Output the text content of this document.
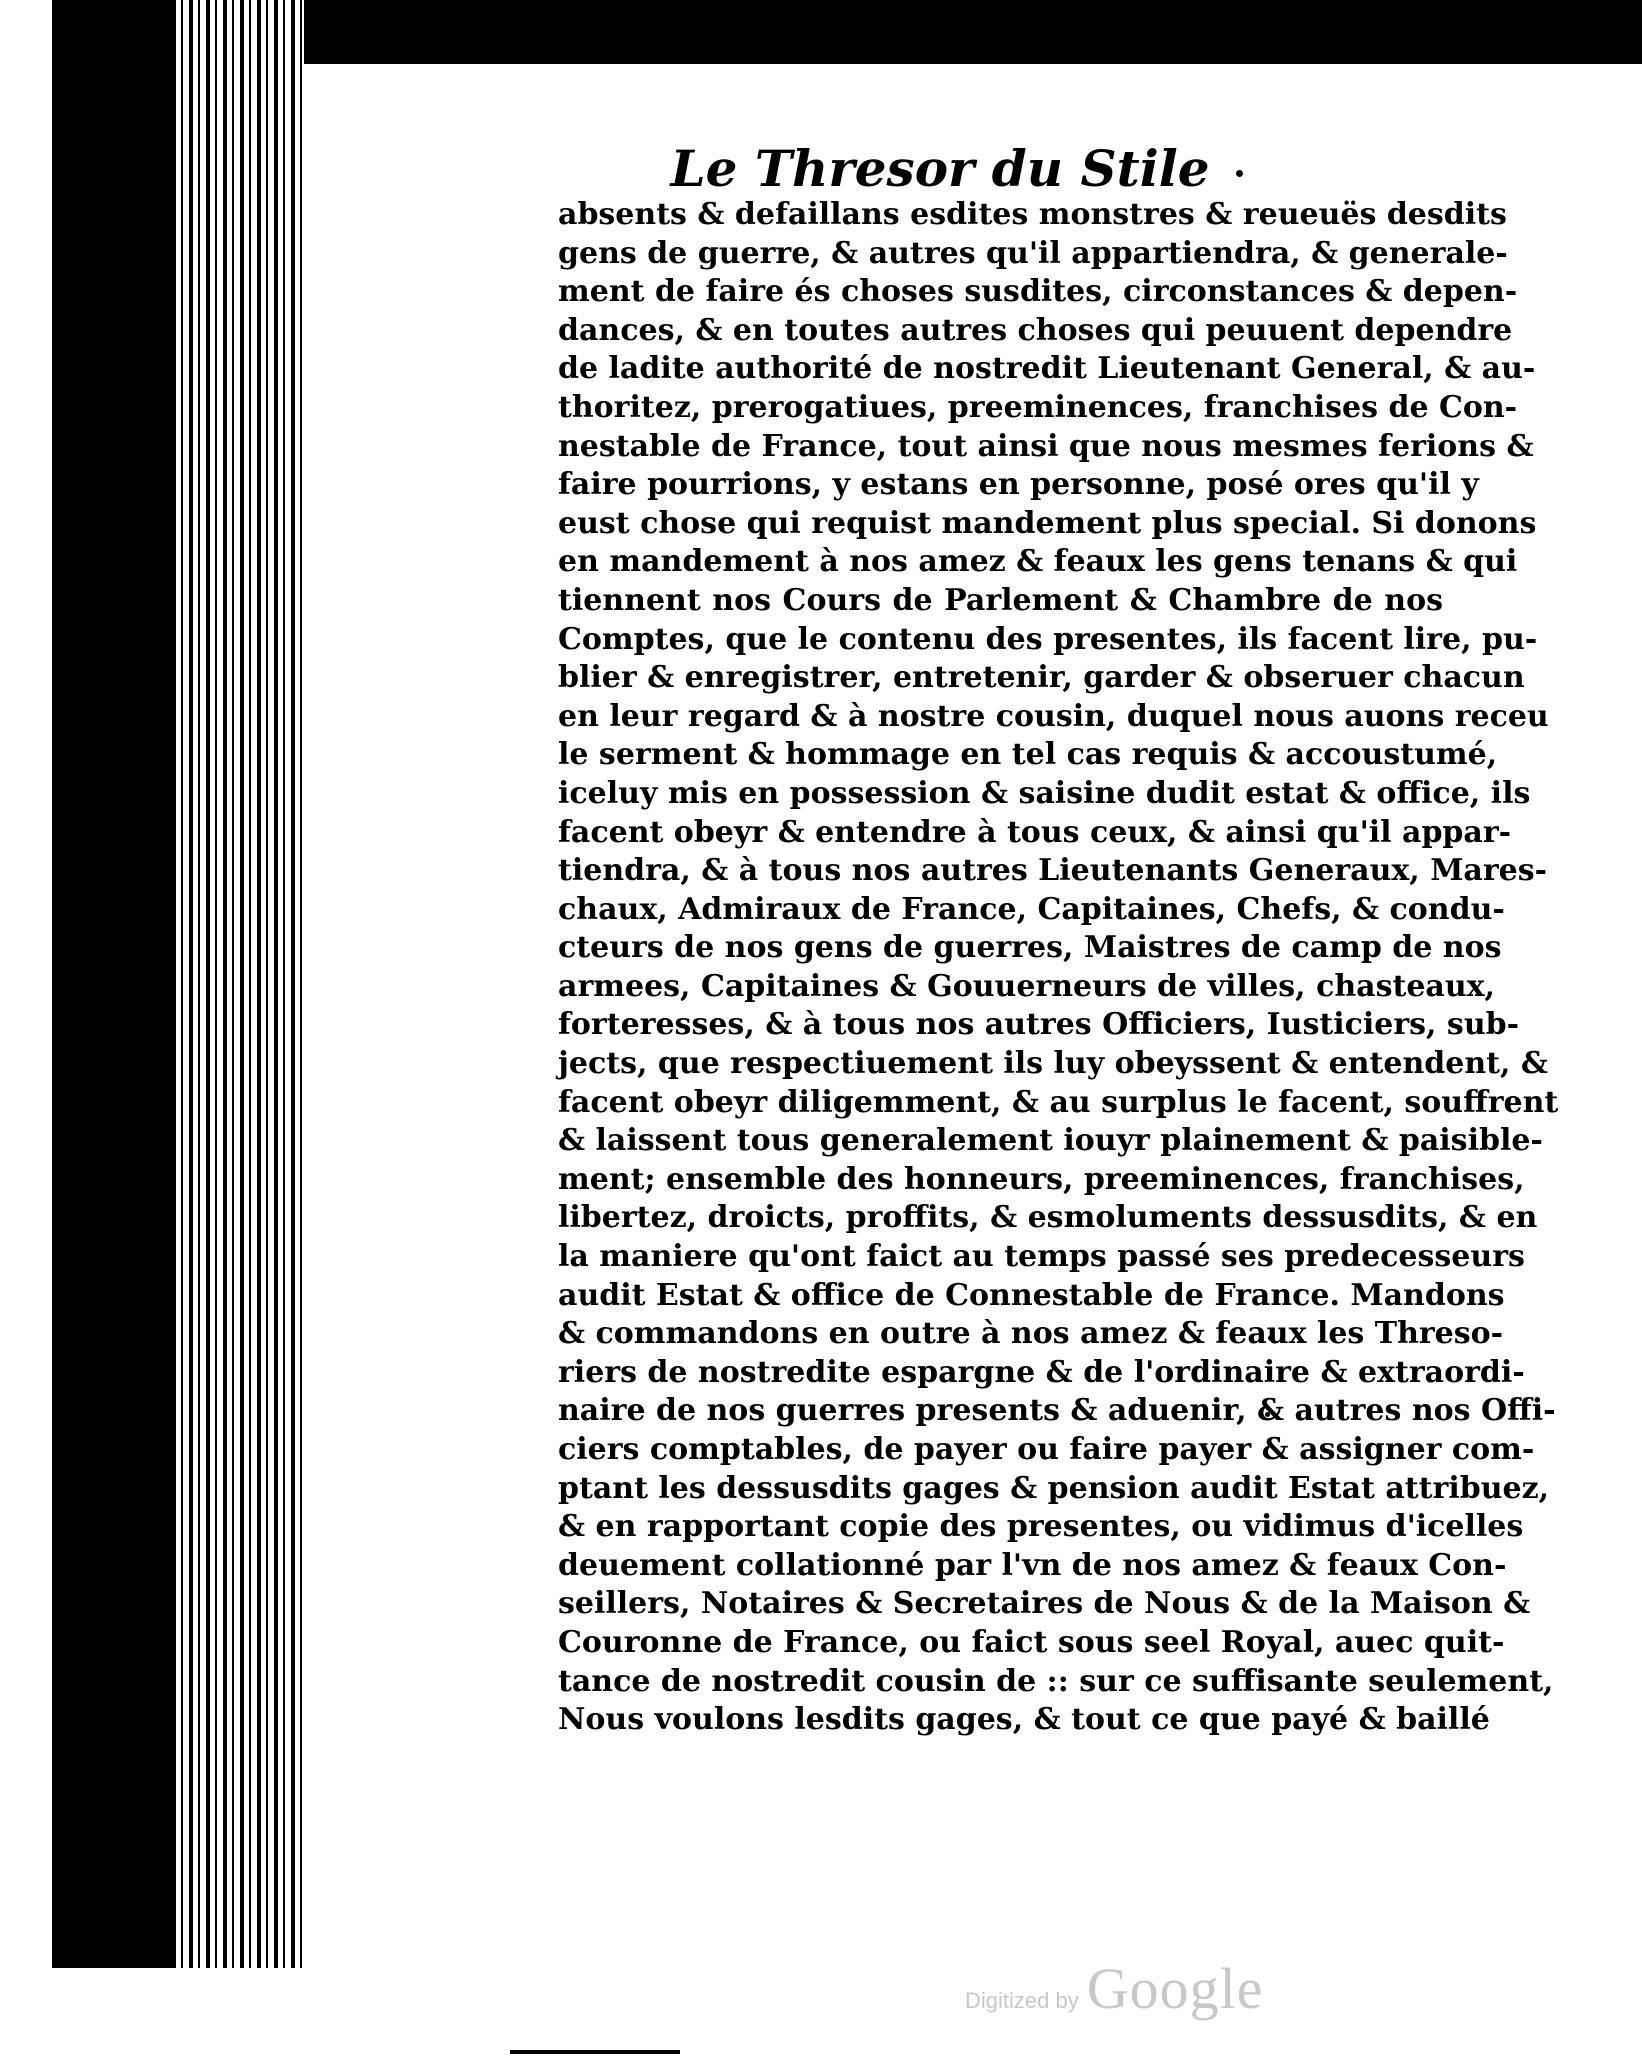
Le Thresor du Stile
absents & defaillans esdites monstres & reueuës desdits
gens de guerre, & autres qu'il appartiendra, & generale-
ment de faire és choses susdites, circonstances & depen-
dances, & en toutes autres choses qui peuuent dependre
de ladite authorité de nostredit Lieutenant General, & au-
thoritez, prerogatiues, preeminences, franchises de Con-
nestable de France, tout ainsi que nous mesmes ferions &
faire pourrions, y estans en personne, posé ores qu'il y
eust chose qui requist mandement plus special. Si donons
en mandement à nos amez & feaux les gens tenans & qui
tiennent nos Cours de Parlement & Chambre de nos
Comptes, que le contenu des presentes, ils facent lire, pu-
blier & enregistrer, entretenir, garder & obseruer chacun
en leur regard & à nostre cousin, duquel nous auons receu
le serment & hommage en tel cas requis & accoustumé,
iceluy mis en possession & saisine dudit estat & office, ils
facent obeyr & entendre à tous ceux, & ainsi qu'il appar-
tiendra, & à tous nos autres Lieutenants Generaux, Mares-
chaux, Admiraux de France, Capitaines, Chefs, & condu-
cteurs de nos gens de guerres, Maistres de camp de nos
armees, Capitaines & Gouuerneurs de villes, chasteaux,
forteresses, & à tous nos autres Officiers, Iusticiers, sub-
jects, que respectiuement ils luy obeyssent & entendent, &
facent obeyr diligemment, & au surplus le facent, souffrent
& laissent tous generalement iouyr plainement & paisible-
ment; ensemble des honneurs, preeminences, franchises,
libertez, droicts, proffits, & esmoluments dessusdits, & en
la maniere qu'ont faict au temps passé ses predecesseurs
audit Estat & office de Connestable de France. Mandons
& commandons en outre à nos amez & feaux les Threso-
riers de nostredite espargne & de l'ordinaire & extraordi-
naire de nos guerres presents & aduenir, & autres nos Offi-
ciers comptables, de payer ou faire payer & assigner com-
ptant les dessusdits gages & pension audit Estat attribuez,
& en rapportant copie des presentes, ou vidimus d'icelles
deuement collationné par l'vn de nos amez & feaux Con-
seillers, Notaires & Secretaires de Nous & de la Maison &
Couronne de France, ou faict sous seel Royal, auec quit-
tance de nostredit cousin de :: sur ce suffisante seulement,
Nous voulons lesdits gages, & tout ce que payé & baillé
Digitized by Google
